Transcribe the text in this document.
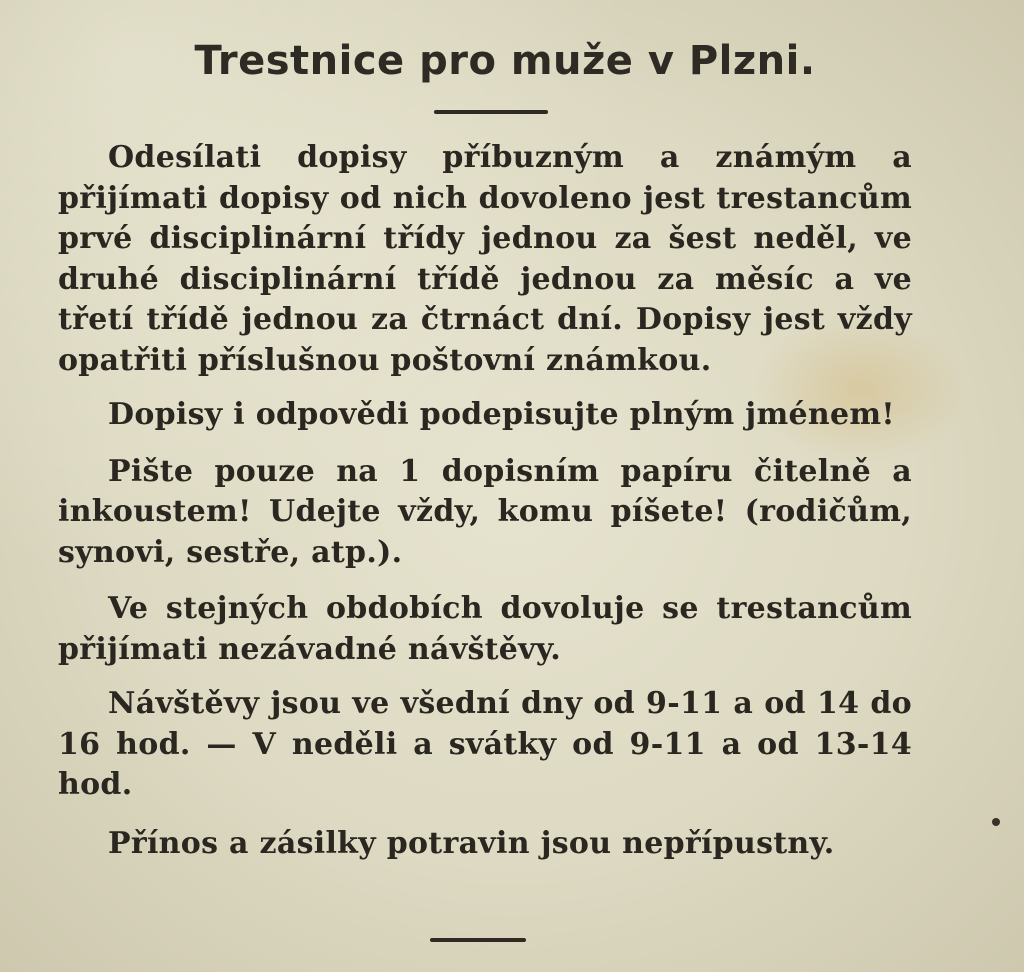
Trestnice pro muže v Plzni.

Odesílati dopisy příbuzným a známým a přijímati dopisy od nich dovoleno jest trestancům prvé disciplinární třídy jednou za šest neděl, ve druhé disciplinární třídě jednou za měsíc a ve třetí třídě jednou za čtrnáct dní. Dopisy jest vždy opatřiti příslušnou poštovní známkou.

Dopisy i odpovědi podepisujte plným jménem!

Pište pouze na 1 dopisním papíru čitelně a inkoustem! Udejte vždy, komu píšete! (rodičům, synovi, sestře, atp.).

Ve stejných obdobích dovoluje se trestancům přijímati nezávadné návštěvy.

Návštěvy jsou ve všední dny od 9-11 a od 14 do 16 hod. — V neděli a svátky od 9-11 a od 13-14 hod.

Přínos a zásilky potravin jsou nepřípustny.
